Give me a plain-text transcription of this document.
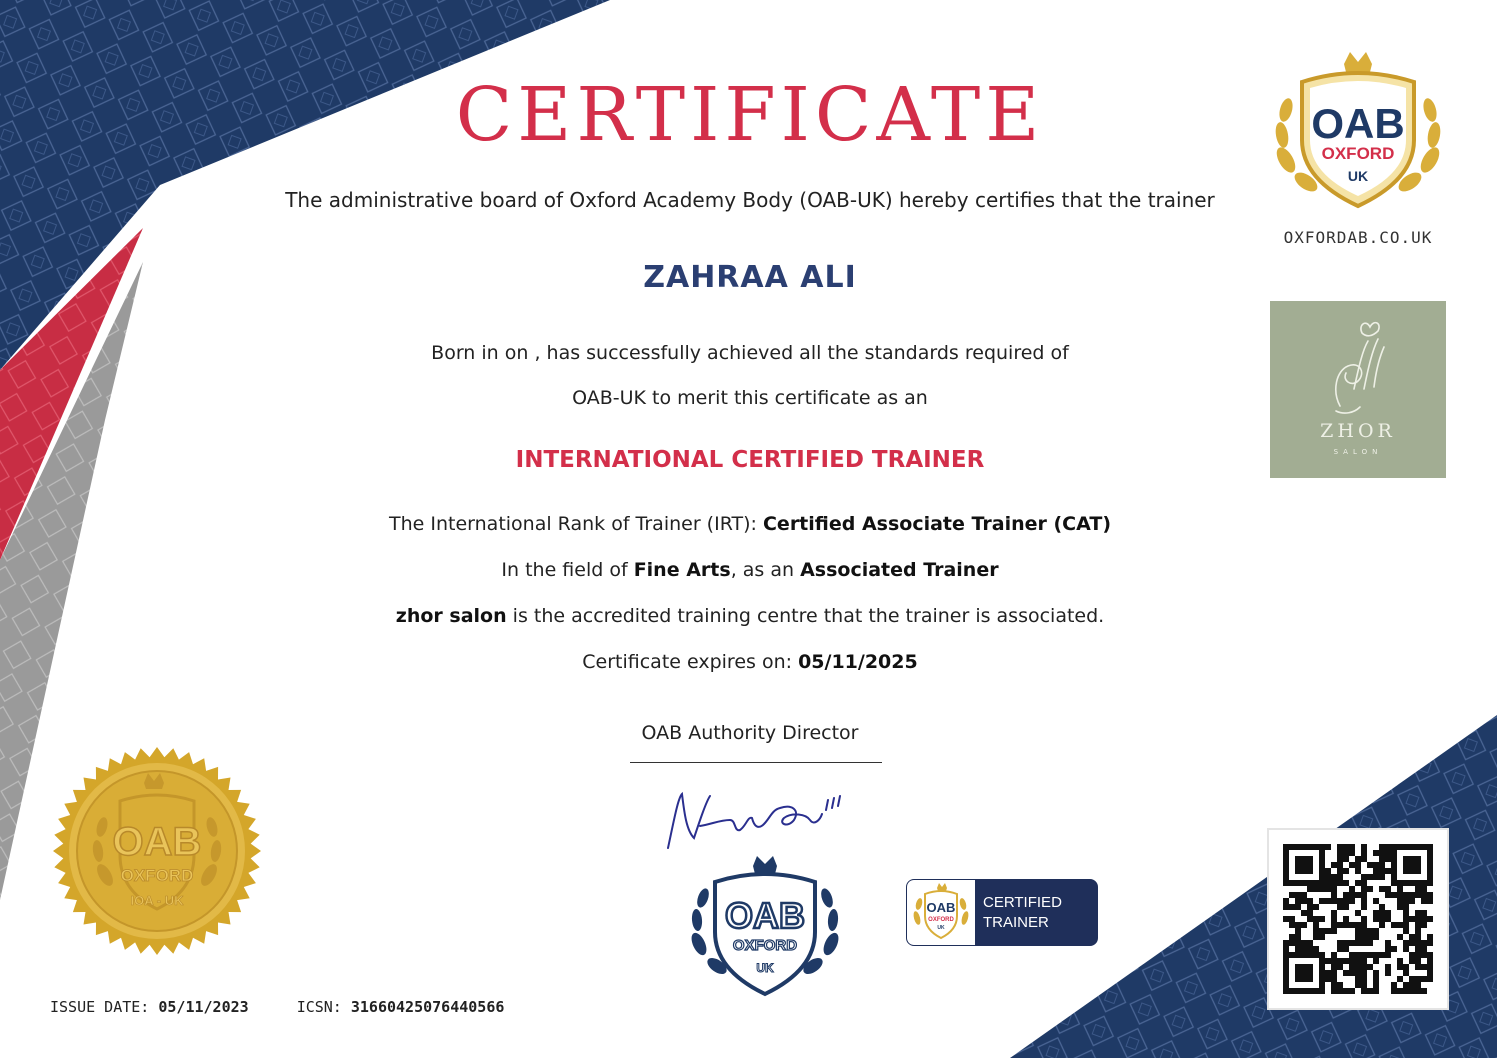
CERTIFICATE
The administrative board of Oxford Academy Body (OAB-UK) hereby certifies that the trainer
ZAHRAA ALI
Born in on , has successfully achieved all the standards required of
OAB-UK to merit this certificate as an
INTERNATIONAL CERTIFIED TRAINER
The International Rank of Trainer (IRT): Certified Associate Trainer (CAT)
In the field of Fine Arts, as an Associated Trainer
zhor salon is the accredited training centre that the trainer is associated.
Certificate expires on: 05/11/2025
OAB Authority Director
ISSUE DATE: 05/11/2023	ICSN: 31660425076440566
OAB
OXFORD
UK
OXFORDAB.CO.UK
ZHOR
SALON
OAB
OXFORD
IOA - UK	OAB
OXFORD
UK
OAB
OXFORD
UK
CERTIFIED
TRAINER
